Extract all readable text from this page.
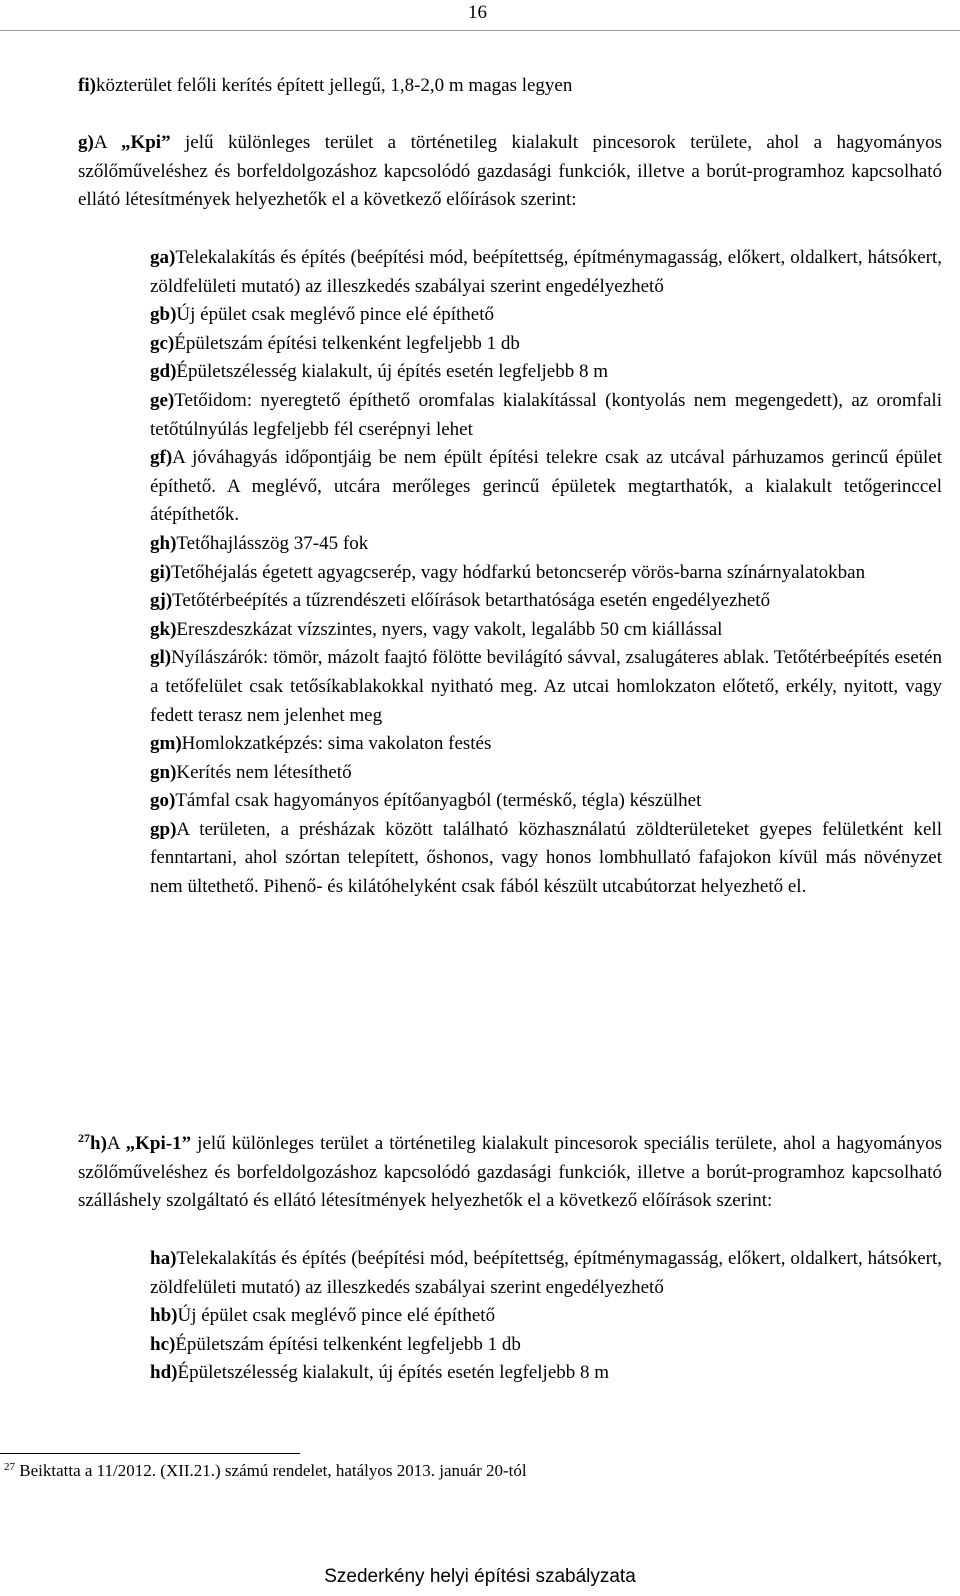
16
fi)közterület felőli kerítés épített jellegű, 1,8-2,0 m magas legyen
g)A „Kpi” jelű különleges terület a történetileg kialakult pincesorok területe, ahol a hagyományos szőlőműveléshez és borfeldolgozáshoz kapcsolódó gazdasági funkciók, illetve a borút-programhoz kapcsolható ellátó létesítmények helyezhetők el a következő előírások szerint:
ga)Telekalakítás és építés (beépítési mód, beépítettség, építménymagasság, előkert, oldalkert, hátsókert, zöldfelületi mutató) az illeszkedés szabályai szerint engedélyezhető
gb)Új épület csak meglévő pince elé építhető
gc)Épületszám építési telkenként legfeljebb 1 db
gd)Épületszélesség kialakult, új építés esetén legfeljebb 8 m
ge)Tetőidom: nyeregtető építhető oromfalas kialakítással (kontyolás nem megengedett), az oromfali tetőtúlnyúlás legfeljebb fél cserépnyi lehet
gf)A jóváhagyás időpontjáig be nem épült építési telekre csak az utcával párhuzamos gerincű épület építhető. A meglévő, utcára merőleges gerincű épületek megtarthatók, a kialakult tetőgerinccel átépíthetők.
gh)Tetőhajlásszög 37-45 fok
gi)Tetőhéjalás égetett agyagcserép, vagy hódfarkú betoncserép vörös-barna színárnyalatokban
gj)Tetőtérbeépítés a tűzrendészeti előírások betarthatósága esetén engedélyezhető
gk)Ereszdeszkázat vízszintes, nyers, vagy vakolt, legalább 50 cm kiállással
gl)Nyílászárók: tömör, mázolt faajtó fölötte bevilágító sávval, zsalugáteres ablak. Tetőtérbeépítés esetén a tetőfelület csak tetősíkablakokkal nyitható meg. Az utcai homlokzaton előtető, erkély, nyitott, vagy fedett terasz nem jelenhet meg
gm)Homlokzatképzés: sima vakolaton festés
gn)Kerítés nem létesíthető
go)Támfal csak hagyományos építőanyagból (terméskő, tégla) készülhet
gp)A területen, a présházak között található közhasználatú zöldterületeket gyepes felületként kell fenntartani, ahol szórtan telepített, őshonos, vagy honos lombhullató fafajokon kívül más növényzet nem ültethető. Pihenő- és kilátóhelyként csak fából készült utcabútorzat helyezhető el.
$^{27}$h)A „Kpi-1” jelű különleges terület a történetileg kialakult pincesorok speciális területe, ahol a hagyományos szőlőműveléshez és borfeldolgozáshoz kapcsolódó gazdasági funkciók, illetve a borút-programhoz kapcsolható szálláshely szolgáltató és ellátó létesítmények helyezhetők el a következő előírások szerint:
ha)Telekalakítás és építés (beépítési mód, beépítettség, építménymagasság, előkert, oldalkert, hátsókert, zöldfelületi mutató) az illeszkedés szabályai szerint engedélyezhető
hb)Új épület csak meglévő pince elé építhető
hc)Épületszám építési telkenként legfeljebb 1 db
hd)Épületszélesség kialakult, új építés esetén legfeljebb 8 m
$^{27}$ Beiktatta a 11/2012. (XII.21.) számú rendelet, hatályos 2013. január 20-tól
Szederkény helyi építési szabályzata
